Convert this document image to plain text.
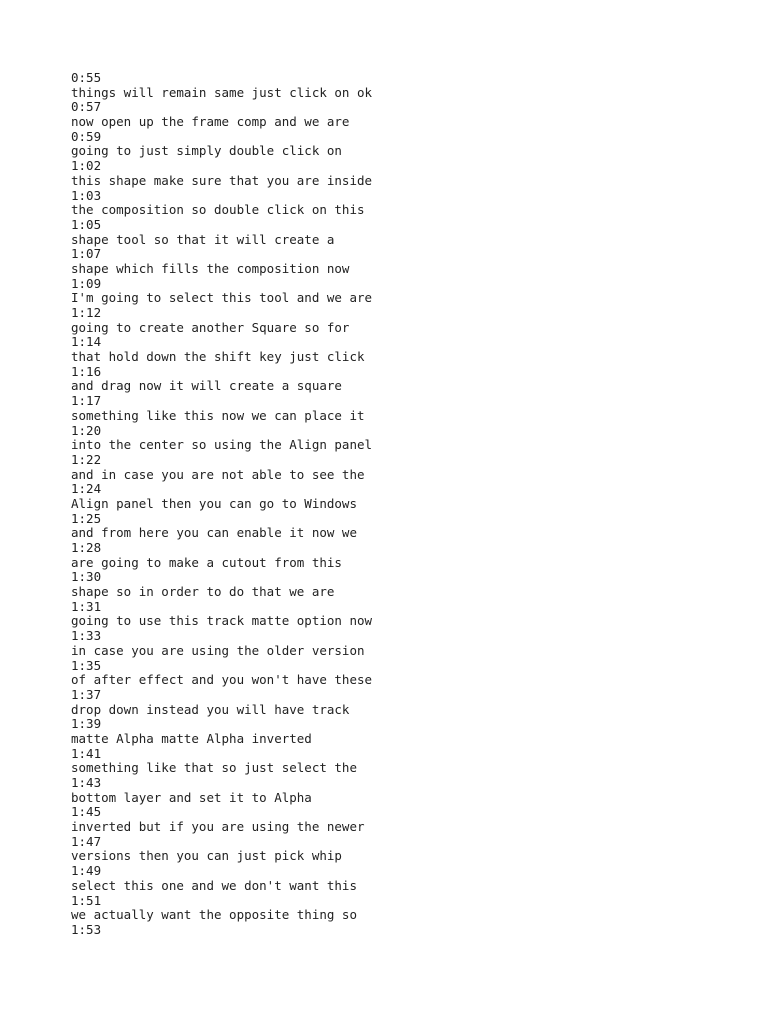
0:55
things will remain same just click on ok
0:57
now open up the frame comp and we are
0:59
going to just simply double click on
1:02
this shape make sure that you are inside
1:03
the composition so double click on this
1:05
shape tool so that it will create a
1:07
shape which fills the composition now
1:09
I'm going to select this tool and we are
1:12
going to create another Square so for
1:14
that hold down the shift key just click
1:16
and drag now it will create a square
1:17
something like this now we can place it
1:20
into the center so using the Align panel
1:22
and in case you are not able to see the
1:24
Align panel then you can go to Windows
1:25
and from here you can enable it now we
1:28
are going to make a cutout from this
1:30
shape so in order to do that we are
1:31
going to use this track matte option now
1:33
in case you are using the older version
1:35
of after effect and you won't have these
1:37
drop down instead you will have track
1:39
matte Alpha matte Alpha inverted
1:41
something like that so just select the
1:43
bottom layer and set it to Alpha
1:45
inverted but if you are using the newer
1:47
versions then you can just pick whip
1:49
select this one and we don't want this
1:51
we actually want the opposite thing so
1:53
